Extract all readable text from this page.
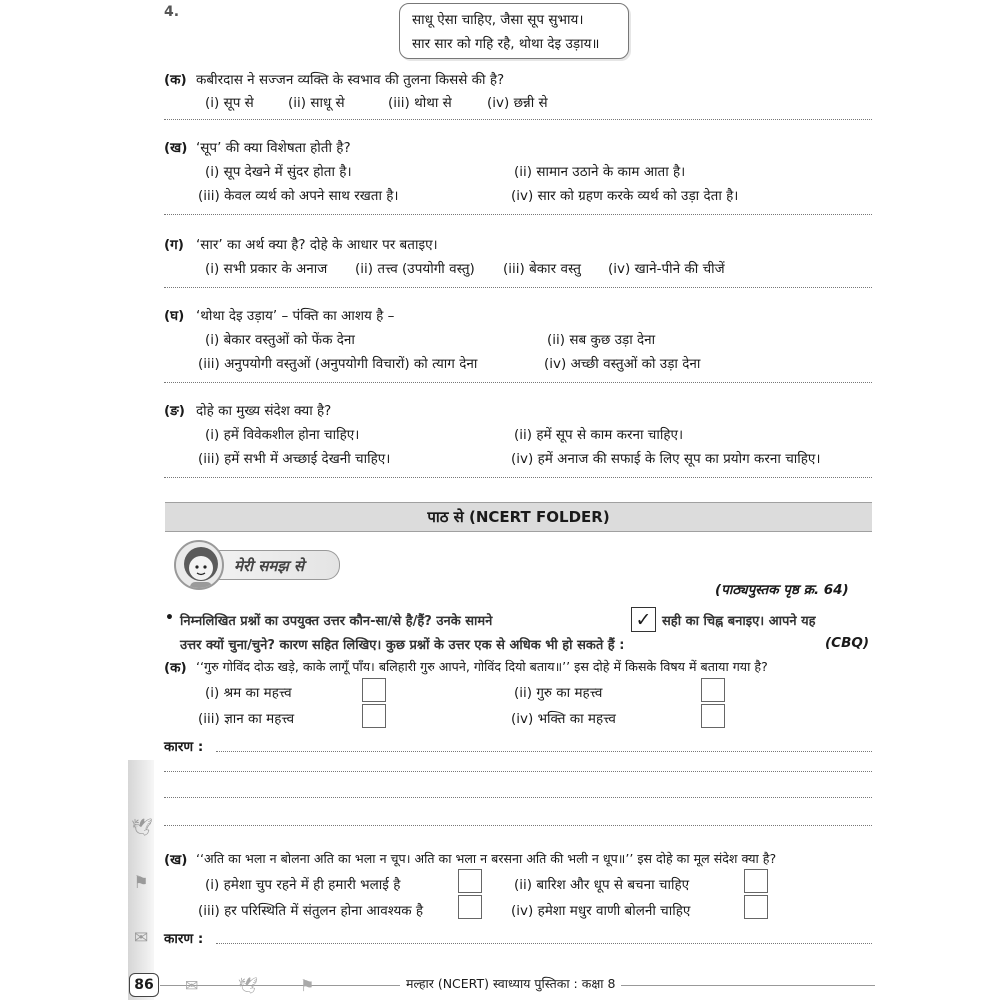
🕊
⚑
✉
4.	साधू ऐसा चाहिए, जैसा सूप सुभाय।
सार सार को गहि रहै, थोथा देइ उड़ाय॥
(क) कबीरदास ने सज्जन व्यक्ति के स्वभाव की तुलना किससे की है?
(i) सूप से	(ii) साधू से	(iii) थोथा से	(iv) छन्नी से
(ख) ‘सूप’ की क्या विशेषता होती है?
(i) सूप देखने में सुंदर होता है।	(ii) सामान उठाने के काम आता है।
(iii) केवल व्यर्थ को अपने साथ रखता है।	(iv) सार को ग्रहण करके व्यर्थ को उड़ा देता है।
(ग) ‘सार’ का अर्थ क्या है? दोहे के आधार पर बताइए।
(i) सभी प्रकार के अनाज (ii) तत्त्व (उपयोगी वस्तु) (iii) बेकार वस्तु (iv) खाने-पीने की चीजें
(घ) ‘थोथा देइ उड़ाय’ – पंक्ति का आशय है –
(i) बेकार वस्तुओं को फेंक देना	(ii) सब कुछ उड़ा देना
(iii) अनुपयोगी वस्तुओं (अनुपयोगी विचारों) को त्याग देना	(iv) अच्छी वस्तुओं को उड़ा देना
(ङ) दोहे का मुख्य संदेश क्या है?
(i) हमें विवेकशील होना चाहिए।	(ii) हमें सूप से काम करना चाहिए।
(iii) हमें सभी में अच्छाई देखनी चाहिए।	(iv) हमें अनाज की सफाई के लिए सूप का प्रयोग करना चाहिए।
पाठ से (NCERT FOLDER)
मेरी समझ से
(पाठ्यपुस्तक पृष्ठ क्र. 64)
• निम्नलिखित प्रश्नों का उपयुक्त उत्तर कौन-सा/से है/हैं? उनके सामने	✓ सही का चिह्न बनाइए। आपने यह
उत्तर क्यों चुना/चुने? कारण सहित लिखिए। कुछ प्रश्नों के उत्तर एक से अधिक भी हो सकते हैं :	(CBQ)
(क) ‘‘गुरु गोविंद दोऊ खड़े, काके लागूँ पाँय। बलिहारी गुरु आपने, गोविंद दियो बताय॥’’ इस दोहे में किसके विषय में बताया गया है?
(i) श्रम का महत्त्व	(ii) गुरु का महत्त्व
(iii) ज्ञान का महत्त्व	(iv) भक्ति का महत्त्व
कारण :
(ख) ‘‘अति का भला न बोलना अति का भला न चूप। अति का भला न बरसना अति की भली न धूप॥’’ इस दोहे का मूल संदेश क्या है?
(i) हमेशा चुप रहने में ही हमारी भलाई है	(ii) बारिश और धूप से बचना चाहिए
(iii) हर परिस्थिति में संतुलन होना आवश्यक है	(iv) हमेशा मधुर वाणी बोलनी चाहिए
कारण :
✉ 🕊	⚑
86	मल्हार (NCERT) स्वाध्याय पुस्तिका : कक्षा 8
